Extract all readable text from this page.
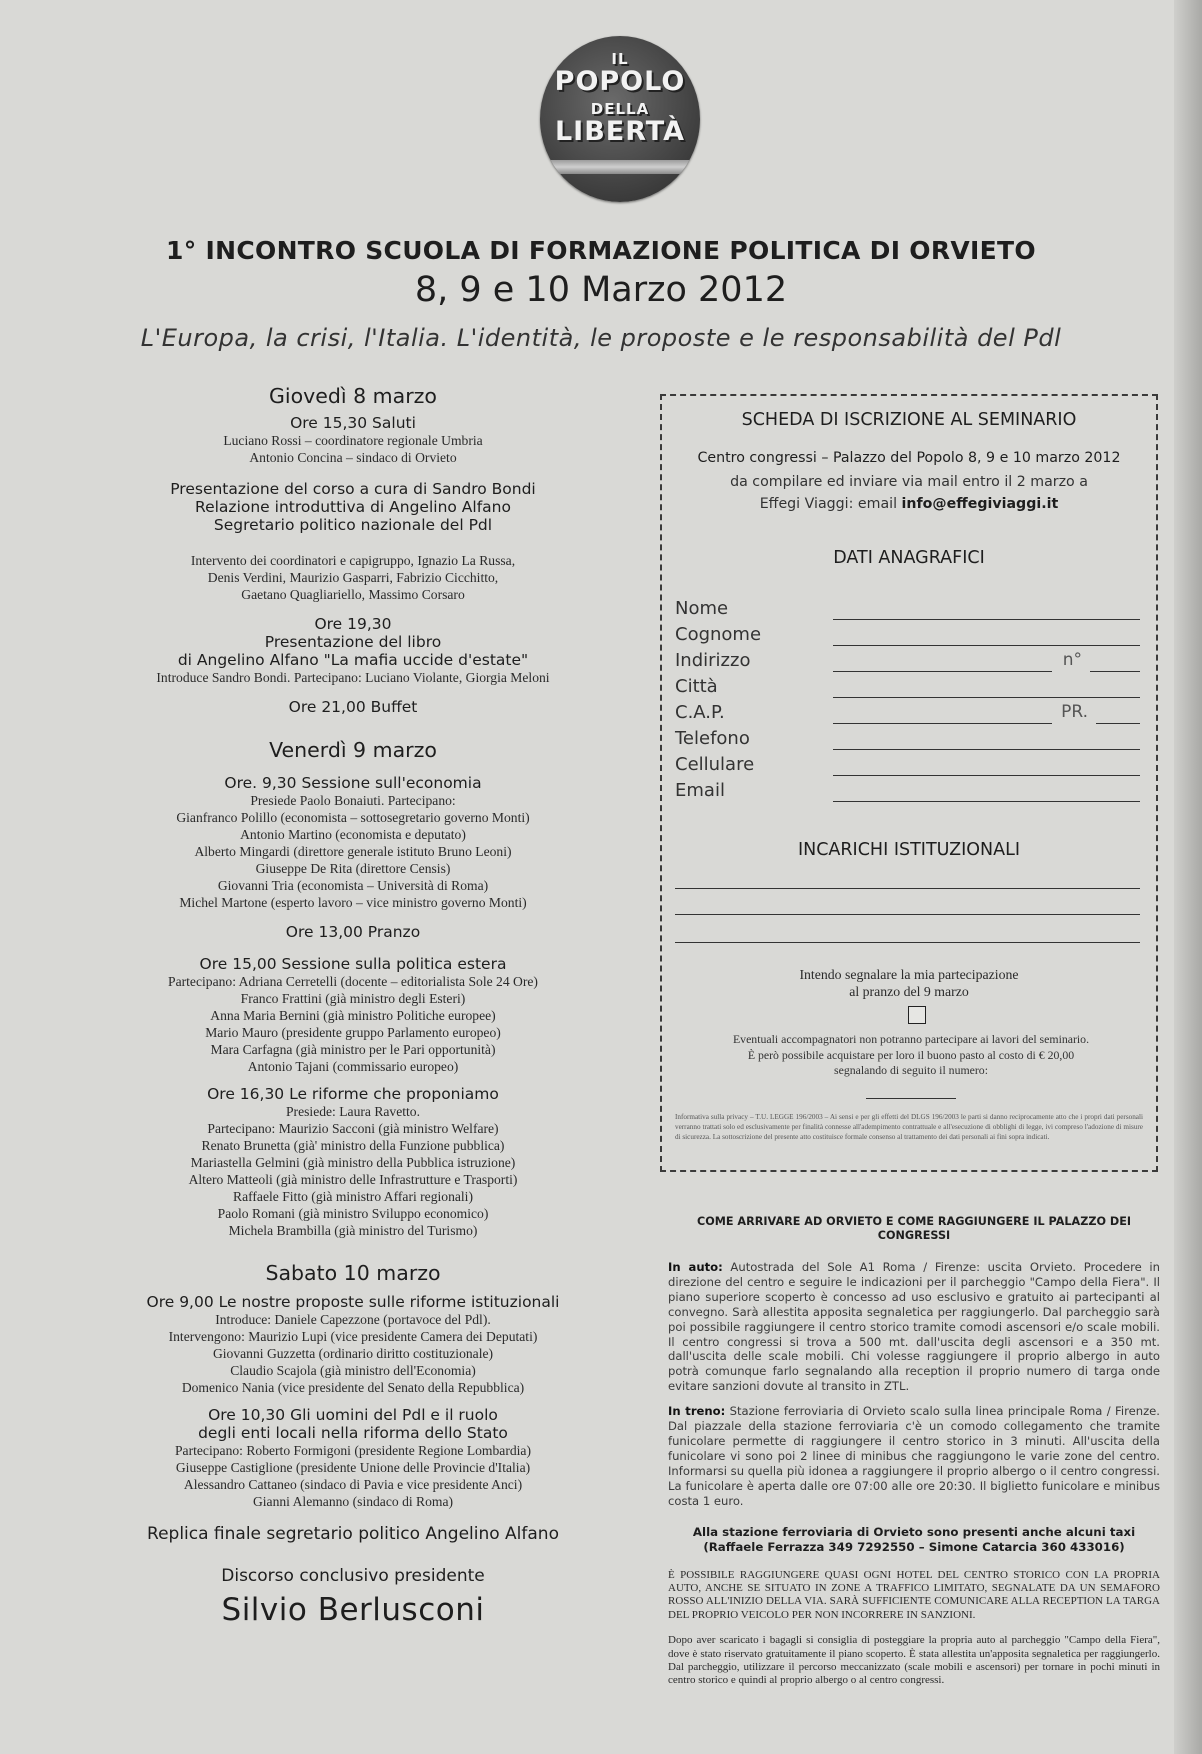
IL
POPOLO
DELLA
LIBERTÀ
1° INCONTRO SCUOLA DI FORMAZIONE POLITICA DI ORVIETO
8, 9 e 10 Marzo 2012
L'Europa, la crisi, l'Italia. L'identità, le proposte e le responsabilità del Pdl
Giovedì 8 marzo
Ore 15,30 Saluti
Luciano Rossi – coordinatore regionale Umbria
Antonio Concina – sindaco di Orvieto
Presentazione del corso a cura di Sandro Bondi
Relazione introduttiva di Angelino Alfano
Segretario politico nazionale del Pdl
Intervento dei coordinatori e capigruppo, Ignazio La Russa,
Denis Verdini, Maurizio Gasparri, Fabrizio Cicchitto,
Gaetano Quagliariello, Massimo Corsaro
Ore 19,30
Presentazione del libro
di Angelino Alfano "La mafia uccide d'estate"
Introduce Sandro Bondi. Partecipano: Luciano Violante, Giorgia Meloni
Ore 21,00 Buffet
Venerdì 9 marzo
Ore. 9,30 Sessione sull'economia
Presiede Paolo Bonaiuti. Partecipano:
Gianfranco Polillo (economista – sottosegretario governo Monti)
Antonio Martino (economista e deputato)
Alberto Mingardi (direttore generale istituto Bruno Leoni)
Giuseppe De Rita (direttore Censis)
Giovanni Tria (economista – Università di Roma)
Michel Martone (esperto lavoro – vice ministro governo Monti)
Ore 13,00 Pranzo
Ore 15,00 Sessione sulla politica estera
Partecipano: Adriana Cerretelli (docente – editorialista Sole 24 Ore)
Franco Frattini (già ministro degli Esteri)
Anna Maria Bernini (già ministro Politiche europee)
Mario Mauro (presidente gruppo Parlamento europeo)
Mara Carfagna (già ministro per le Pari opportunità)
Antonio Tajani (commissario europeo)
Ore 16,30 Le riforme che proponiamo
Presiede: Laura Ravetto.
Partecipano: Maurizio Sacconi (già ministro Welfare)
Renato Brunetta (già' ministro della Funzione pubblica)
Mariastella Gelmini (già ministro della Pubblica istruzione)
Altero Matteoli (già ministro delle Infrastrutture e Trasporti)
Raffaele Fitto (già ministro Affari regionali)
Paolo Romani (già ministro Sviluppo economico)
Michela Brambilla (già ministro del Turismo)
Sabato 10 marzo
Ore 9,00 Le nostre proposte sulle riforme istituzionali
Introduce: Daniele Capezzone (portavoce del Pdl).
Intervengono: Maurizio Lupi (vice presidente Camera dei Deputati)
Giovanni Guzzetta (ordinario diritto costituzionale)
Claudio Scajola (già ministro dell'Economia)
Domenico Nania (vice presidente del Senato della Repubblica)
Ore 10,30 Gli uomini del Pdl e il ruolo
degli enti locali nella riforma dello Stato
Partecipano: Roberto Formigoni (presidente Regione Lombardia)
Giuseppe Castiglione (presidente Unione delle Provincie d'Italia)
Alessandro Cattaneo (sindaco di Pavia e vice presidente Anci)
Gianni Alemanno (sindaco di Roma)
Replica finale segretario politico Angelino Alfano
Discorso conclusivo presidente
Silvio Berlusconi
SCHEDA DI ISCRIZIONE AL SEMINARIO
Centro congressi – Palazzo del Popolo 8, 9 e 10 marzo 2012
da compilare ed inviare via mail entro il 2 marzo a
Effegi Viaggi: email info@effegiviaggi.it
DATI ANAGRAFICI
Nome
Cognome
Indirizzo	n°
Città
C.A.P.	PR.
Telefono
Cellulare
Email
INCARICHI ISTITUZIONALI
Intendo segnalare la mia partecipazione
al pranzo del 9 marzo
Eventuali accompagnatori non potranno partecipare ai lavori del seminario.
È però possibile acquistare per loro il buono pasto al costo di € 20,00
segnalando di seguito il numero:
Informativa sulla privacy – T.U. LEGGE 196/2003 – Ai sensi e per gli effetti del DLGS 196/2003 le parti si danno reciprocamente atto che i propri dati personali verranno trattati solo ed esclusivamente per finalità connesse all'adempimento contrattuale e all'esecuzione di obblighi di legge, ivi compreso l'adozione di misure di sicurezza. La sottoscrizione del presente atto costituisce formale consenso al trattamento dei dati personali ai fini sopra indicati.
COME ARRIVARE AD ORVIETO E COME RAGGIUNGERE IL PALAZZO DEI CONGRESSI
In auto: Autostrada del Sole A1 Roma / Firenze: uscita Orvieto. Procedere in direzione del centro e seguire le indicazioni per il parcheggio "Campo della Fiera". Il piano superiore scoperto è concesso ad uso esclusivo e gratuito ai partecipanti al convegno. Sarà allestita apposita segnaletica per raggiungerlo. Dal parcheggio sarà poi possibile raggiungere il centro storico tramite comodi ascensori e/o scale mobili. Il centro congressi si trova a 500 mt. dall'uscita degli ascensori e a 350 mt. dall'uscita delle scale mobili. Chi volesse raggiungere il proprio albergo in auto potrà comunque farlo segnalando alla reception il proprio numero di targa onde evitare sanzioni dovute al transito in ZTL.
In treno: Stazione ferroviaria di Orvieto scalo sulla linea principale Roma / Firenze. Dal piazzale della stazione ferroviaria c'è un comodo collegamento che tramite funicolare permette di raggiungere il centro storico in 3 minuti. All'uscita della funicolare vi sono poi 2 linee di minibus che raggiungono le varie zone del centro. Informarsi su quella più idonea a raggiungere il proprio albergo o il centro congressi. La funicolare è aperta dalle ore 07:00 alle ore 20:30. Il biglietto funicolare e minibus costa 1 euro.
Alla stazione ferroviaria di Orvieto sono presenti anche alcuni taxi
(Raffaele Ferrazza 349 7292550 – Simone Catarcia 360 433016)
È POSSIBILE RAGGIUNGERE QUASI OGNI HOTEL DEL CENTRO STORICO CON LA PROPRIA AUTO, ANCHE SE SITUATO IN ZONE A TRAFFICO LIMITATO, SEGNALATE DA UN SEMAFORO ROSSO ALL'INIZIO DELLA VIA. SARÀ SUFFICIENTE COMUNICARE ALLA RECEPTION LA TARGA DEL PROPRIO VEICOLO PER NON INCORRERE IN SANZIONI.
Dopo aver scaricato i bagagli si consiglia di posteggiare la propria auto al parcheggio "Campo della Fiera", dove è stato riservato gratuitamente il piano scoperto. È stata allestita un'apposita segnaletica per raggiungerlo. Dal parcheggio, utilizzare il percorso meccanizzato (scale mobili e ascensori) per tornare in pochi minuti in centro storico e quindi al proprio albergo o al centro congressi.
